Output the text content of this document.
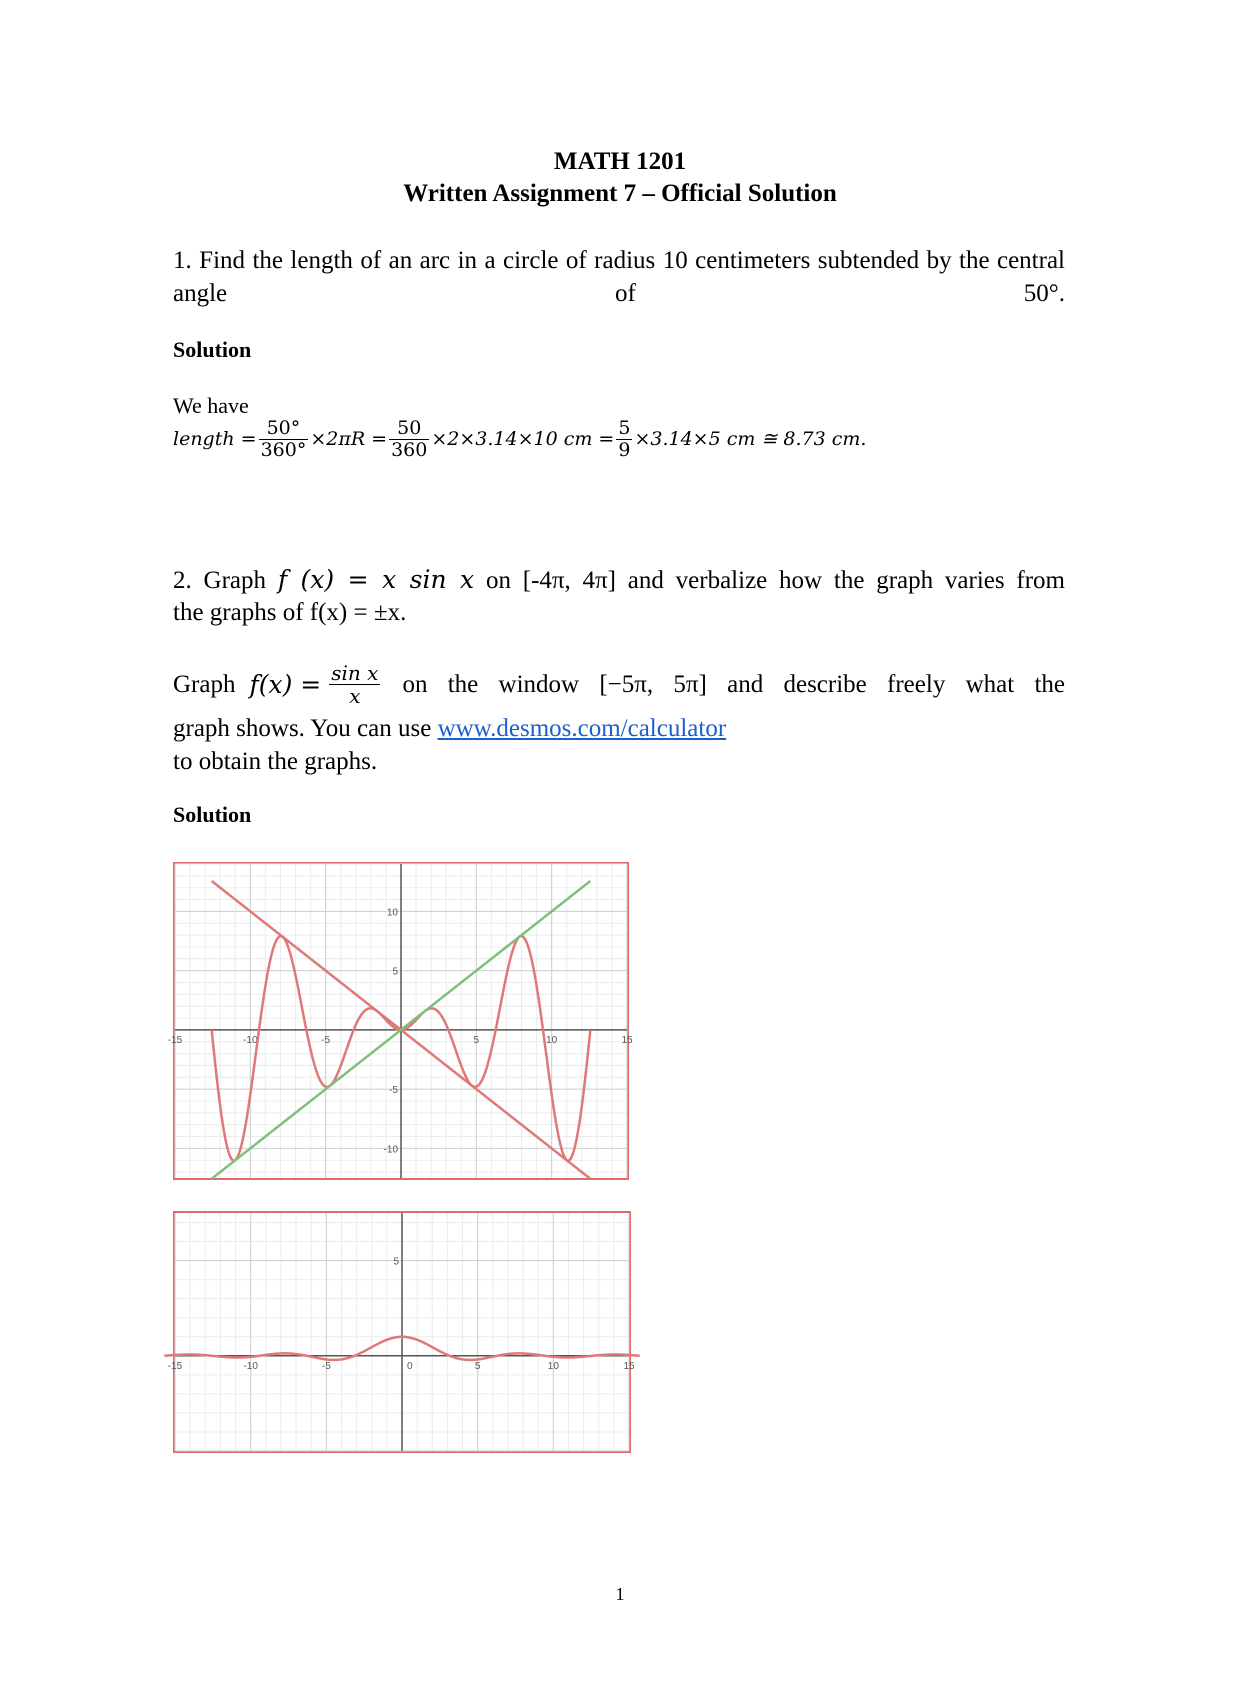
MATH 1201
Written Assignment 7 – Official Solution
1. Find the length of an arc in a circle of radius 10 centimeters subtended by the central angle of 50°.
Solution
We have
length = $\frac{50^\circ}{360^\circ} \times 2\pi R = \frac{50}{360} \times 2\times 3.14\times 10$ cm = $\frac{5}{9} \times 3.14\times 5$ cm ≅ 8.73 cm.
2. Graph f (x) = x sin x on [-4π, 4π] and verbalize how the graph varies from
the graphs of f(x) = ±x.
Graph $f(x) = \frac{\text{sin x}}{x}$ on the window [−5π, 5π] and describe freely what the
graph shows. You can use www.desmos.com/calculator
to obtain the graphs.
Solution
-15	-10	-5	5	10	15
10
5
-5
-10
-15	-10	-5	0	5	10	15
5
1
